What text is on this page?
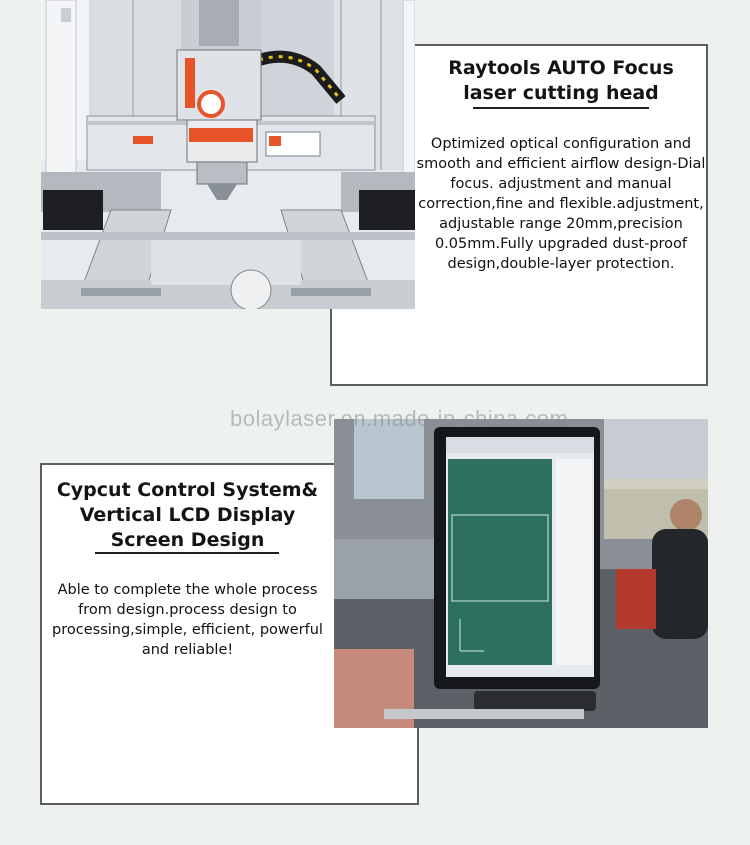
Raytools AUTO Focus
laser cutting head

Optimized optical configuration and smooth and efficient airflow design-Dial focus. adjustment and manual correction,fine and flexible.adjustment, adjustable range 20mm,precision 0.05mm.Fully upgraded dust-proof design,double-layer protection.

Cypcut Control System&
Vertical LCD Display
Screen Design

Able to complete the whole process from design.process design to processing,simple, efficient, powerful and reliable!

bolaylaser.en.made-in-china.com
